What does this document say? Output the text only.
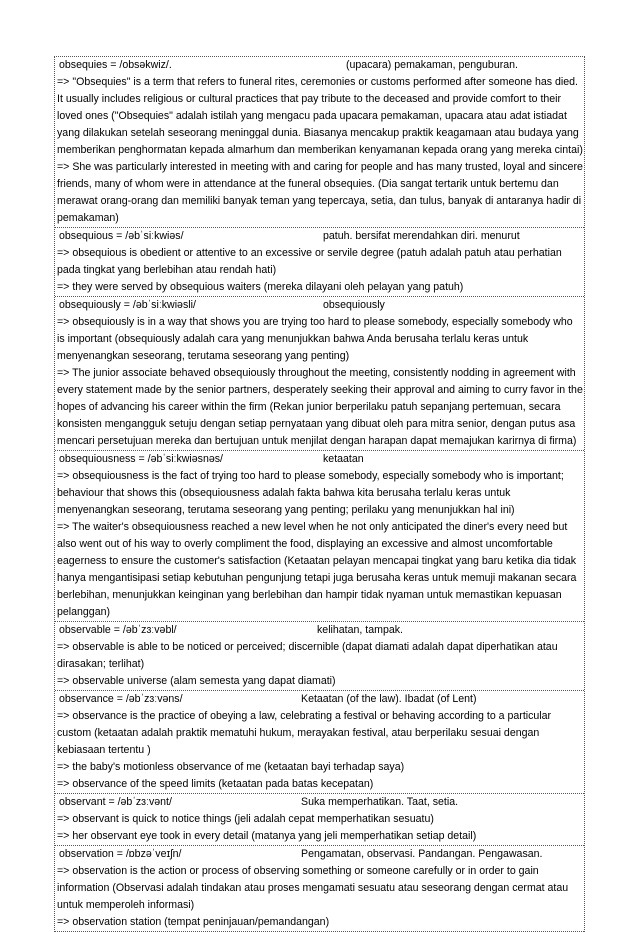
obsequies = /obsəkwiz/.	(upacara) pemakaman, penguburan.

=> "Obsequies" is a term that refers to funeral rites, ceremonies or customs performed after someone has died. It usually includes religious or cultural practices that pay tribute to the deceased and provide comfort to their loved ones ("Obsequies" adalah istilah yang mengacu pada upacara pemakaman, upacara atau adat istiadat yang dilakukan setelah seseorang meninggal dunia. Biasanya mencakup praktik keagamaan atau budaya yang memberikan penghormatan kepada almarhum dan memberikan kenyamanan kepada orang yang mereka cintai)

=> She was particularly interested in meeting with and caring for people and has many trusted, loyal and sincere friends, many of whom were in attendance at the funeral obsequies. (Dia sangat tertarik untuk bertemu dan merawat orang-orang dan memiliki banyak teman yang tepercaya, setia, dan tulus, banyak di antaranya hadir di pemakaman)

obsequious = /əbˈsiːkwiəs/	patuh. bersifat merendahkan diri. menurut

=> obsequious is obedient or attentive to an excessive or servile degree (patuh adalah patuh atau perhatian pada tingkat yang berlebihan atau rendah hati)

=> they were served by obsequious waiters (mereka dilayani oleh pelayan yang patuh)

obsequiously = /əbˈsiːkwiəsli/	obsequiously

=> obsequiously is in a way that shows you are trying too hard to please somebody, especially somebody who is important (obsequiously adalah cara yang menunjukkan bahwa Anda berusaha terlalu keras untuk menyenangkan seseorang, terutama seseorang yang penting)

=> The junior associate behaved obsequiously throughout the meeting, consistently nodding in agreement with every statement made by the senior partners, desperately seeking their approval and aiming to curry favor in the hopes of advancing his career within the firm (Rekan junior berperilaku patuh sepanjang pertemuan, secara konsisten mengangguk setuju dengan setiap pernyataan yang dibuat oleh para mitra senior, dengan putus asa mencari persetujuan mereka dan bertujuan untuk menjilat dengan harapan dapat memajukan karirnya di firma)

obsequiousness = /əbˈsiːkwiəsnəs/	ketaatan

=> obsequiousness is the fact of trying too hard to please somebody, especially somebody who is important; behaviour that shows this (obsequiousness adalah fakta bahwa kita berusaha terlalu keras untuk menyenangkan seseorang, terutama seseorang yang penting; perilaku yang menunjukkan hal ini)

=> The waiter's obsequiousness reached a new level when he not only anticipated the diner's every need but also went out of his way to overly compliment the food, displaying an excessive and almost uncomfortable eagerness to ensure the customer's satisfaction (Ketaatan pelayan mencapai tingkat yang baru ketika dia tidak hanya mengantisipasi setiap kebutuhan pengunjung tetapi juga berusaha keras untuk memuji makanan secara berlebihan, menunjukkan keinginan yang berlebihan dan hampir tidak nyaman untuk memastikan kepuasan pelanggan)

observable = /əbˈzɜːvəbl/	kelihatan, tampak.

=> observable is able to be noticed or perceived; discernible (dapat diamati adalah dapat diperhatikan atau dirasakan; terlihat)

=> observable universe (alam semesta yang dapat diamati)

observance = /əbˈzɜːvəns/	Ketaatan (of the law). Ibadat (of Lent)

=> observance is the practice of obeying a law, celebrating a festival or behaving according to a particular custom (ketaatan adalah praktik mematuhi hukum, merayakan festival, atau berperilaku sesuai dengan kebiasaan tertentu )

=> the baby's motionless observance of me (ketaatan bayi terhadap saya)

=> observance of the speed limits (ketaatan pada batas kecepatan)

observant = /əbˈzɜːvənt/	Suka memperhatikan. Taat, setia.

=> observant is quick to notice things (jeli adalah cepat memperhatikan sesuatu)

=> her observant eye took in every detail (matanya yang jeli memperhatikan setiap detail)

observation = /ɒbzəˈveɪʃn/	Pengamatan, observasi. Pandangan. Pengawasan.

=> observation is the action or process of observing something or someone carefully or in order to gain information (Observasi adalah tindakan atau proses mengamati sesuatu atau seseorang dengan cermat atau untuk memperoleh informasi)

=> observation station (tempat peninjauan/pemandangan)
